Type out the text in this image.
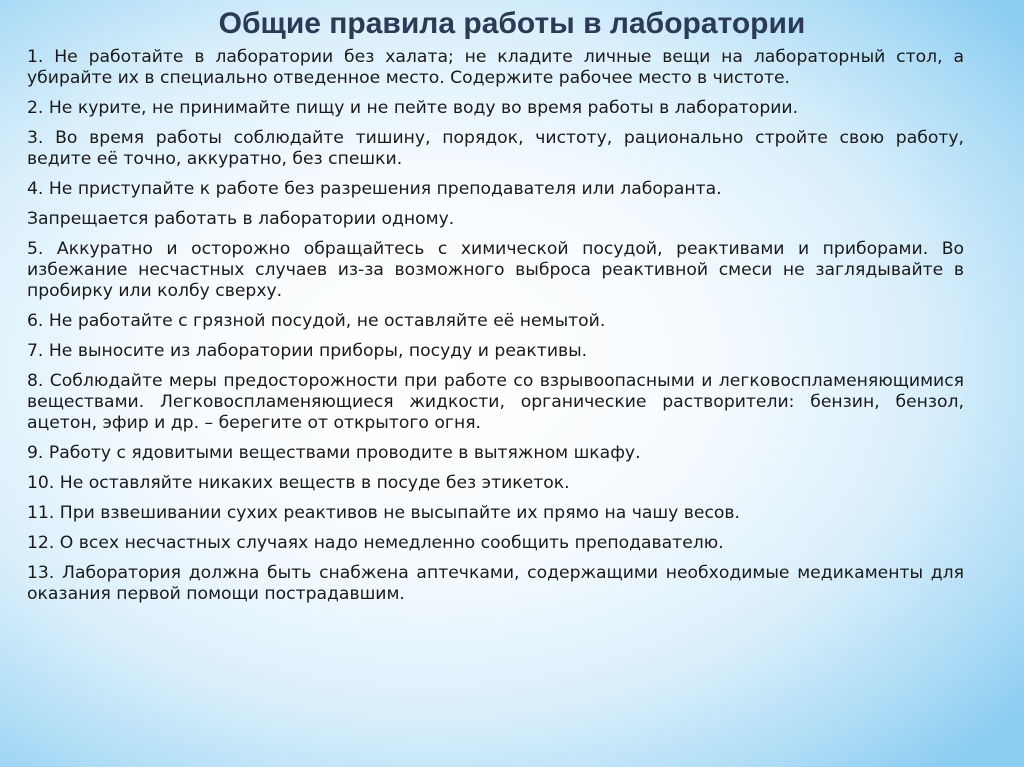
Общие правила работы в лаборатории
1. Не работайте в лаборатории без халата; не кладите личные вещи на лабораторный стол, а убирайте их в специально отведенное место. Содержите рабочее место в чистоте.
2. Не курите, не принимайте пищу и не пейте воду во время работы в лаборатории.
3. Во время работы соблюдайте тишину, порядок, чистоту, рационально стройте свою работу, ведите её точно, аккуратно, без спешки.
4. Не приступайте к работе без разрешения преподавателя или лаборанта.
Запрещается работать в лаборатории одному.
5. Аккуратно и осторожно обращайтесь с химической посудой, реактивами и приборами. Во избежание несчастных случаев из-за возможного выброса реактивной смеси не заглядывайте в пробирку или колбу сверху.
6. Не работайте с грязной посудой, не оставляйте её немытой.
7. Не выносите из лаборатории приборы, посуду и реактивы.
8. Соблюдайте меры предосторожности при работе со взрывоопасными и легковоспламеняющимися веществами. Легковоспламеняющиеся жидкости, органические растворители: бензин, бензол, ацетон, эфир и др. – берегите от открытого огня.
9. Работу с ядовитыми веществами проводите в вытяжном шкафу.
10. Не оставляйте никаких веществ в посуде без этикеток.
11. При взвешивании сухих реактивов не высыпайте их прямо на чашу весов.
12. О всех несчастных случаях надо немедленно сообщить преподавателю.
13. Лаборатория должна быть снабжена аптечками, содержащими необходимые медикаменты для оказания первой помощи пострадавшим.
